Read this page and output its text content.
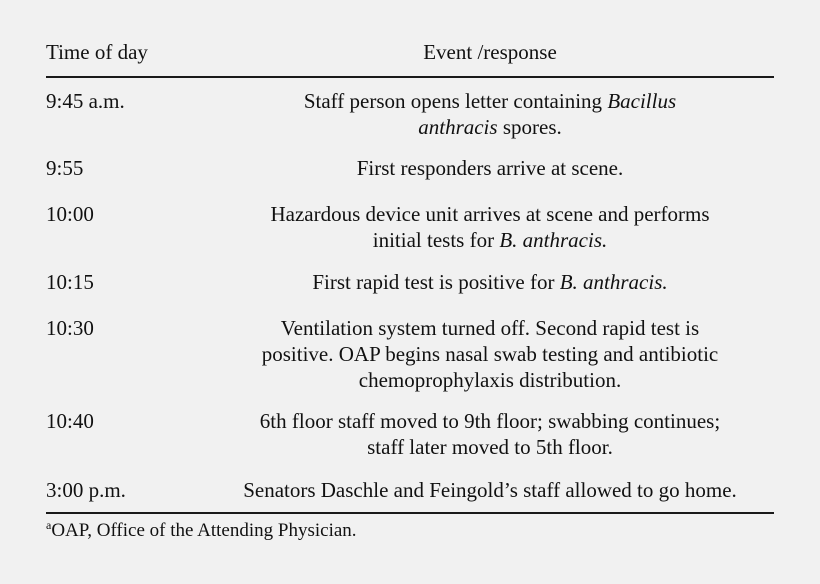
Time of day	Event /response
9:45 a.m.	Staff person opens letter containing Bacillus
anthracis spores.
9:55	First responders arrive at scene.
10:00	Hazardous device unit arrives at scene and performs
initial tests for B. anthracis.
10:15	First rapid test is positive for B. anthracis.
10:30	Ventilation system turned off. Second rapid test is
positive. OAP begins nasal swab testing and antibiotic
chemoprophylaxis distribution.
10:40	6th floor staff moved to 9th floor; swabbing continues;
staff later moved to 5th floor.
3:00 p.m.	Senators Daschle and Feingold’s staff allowed to go home.
$^a$OAP, Office of the Attending Physician.
